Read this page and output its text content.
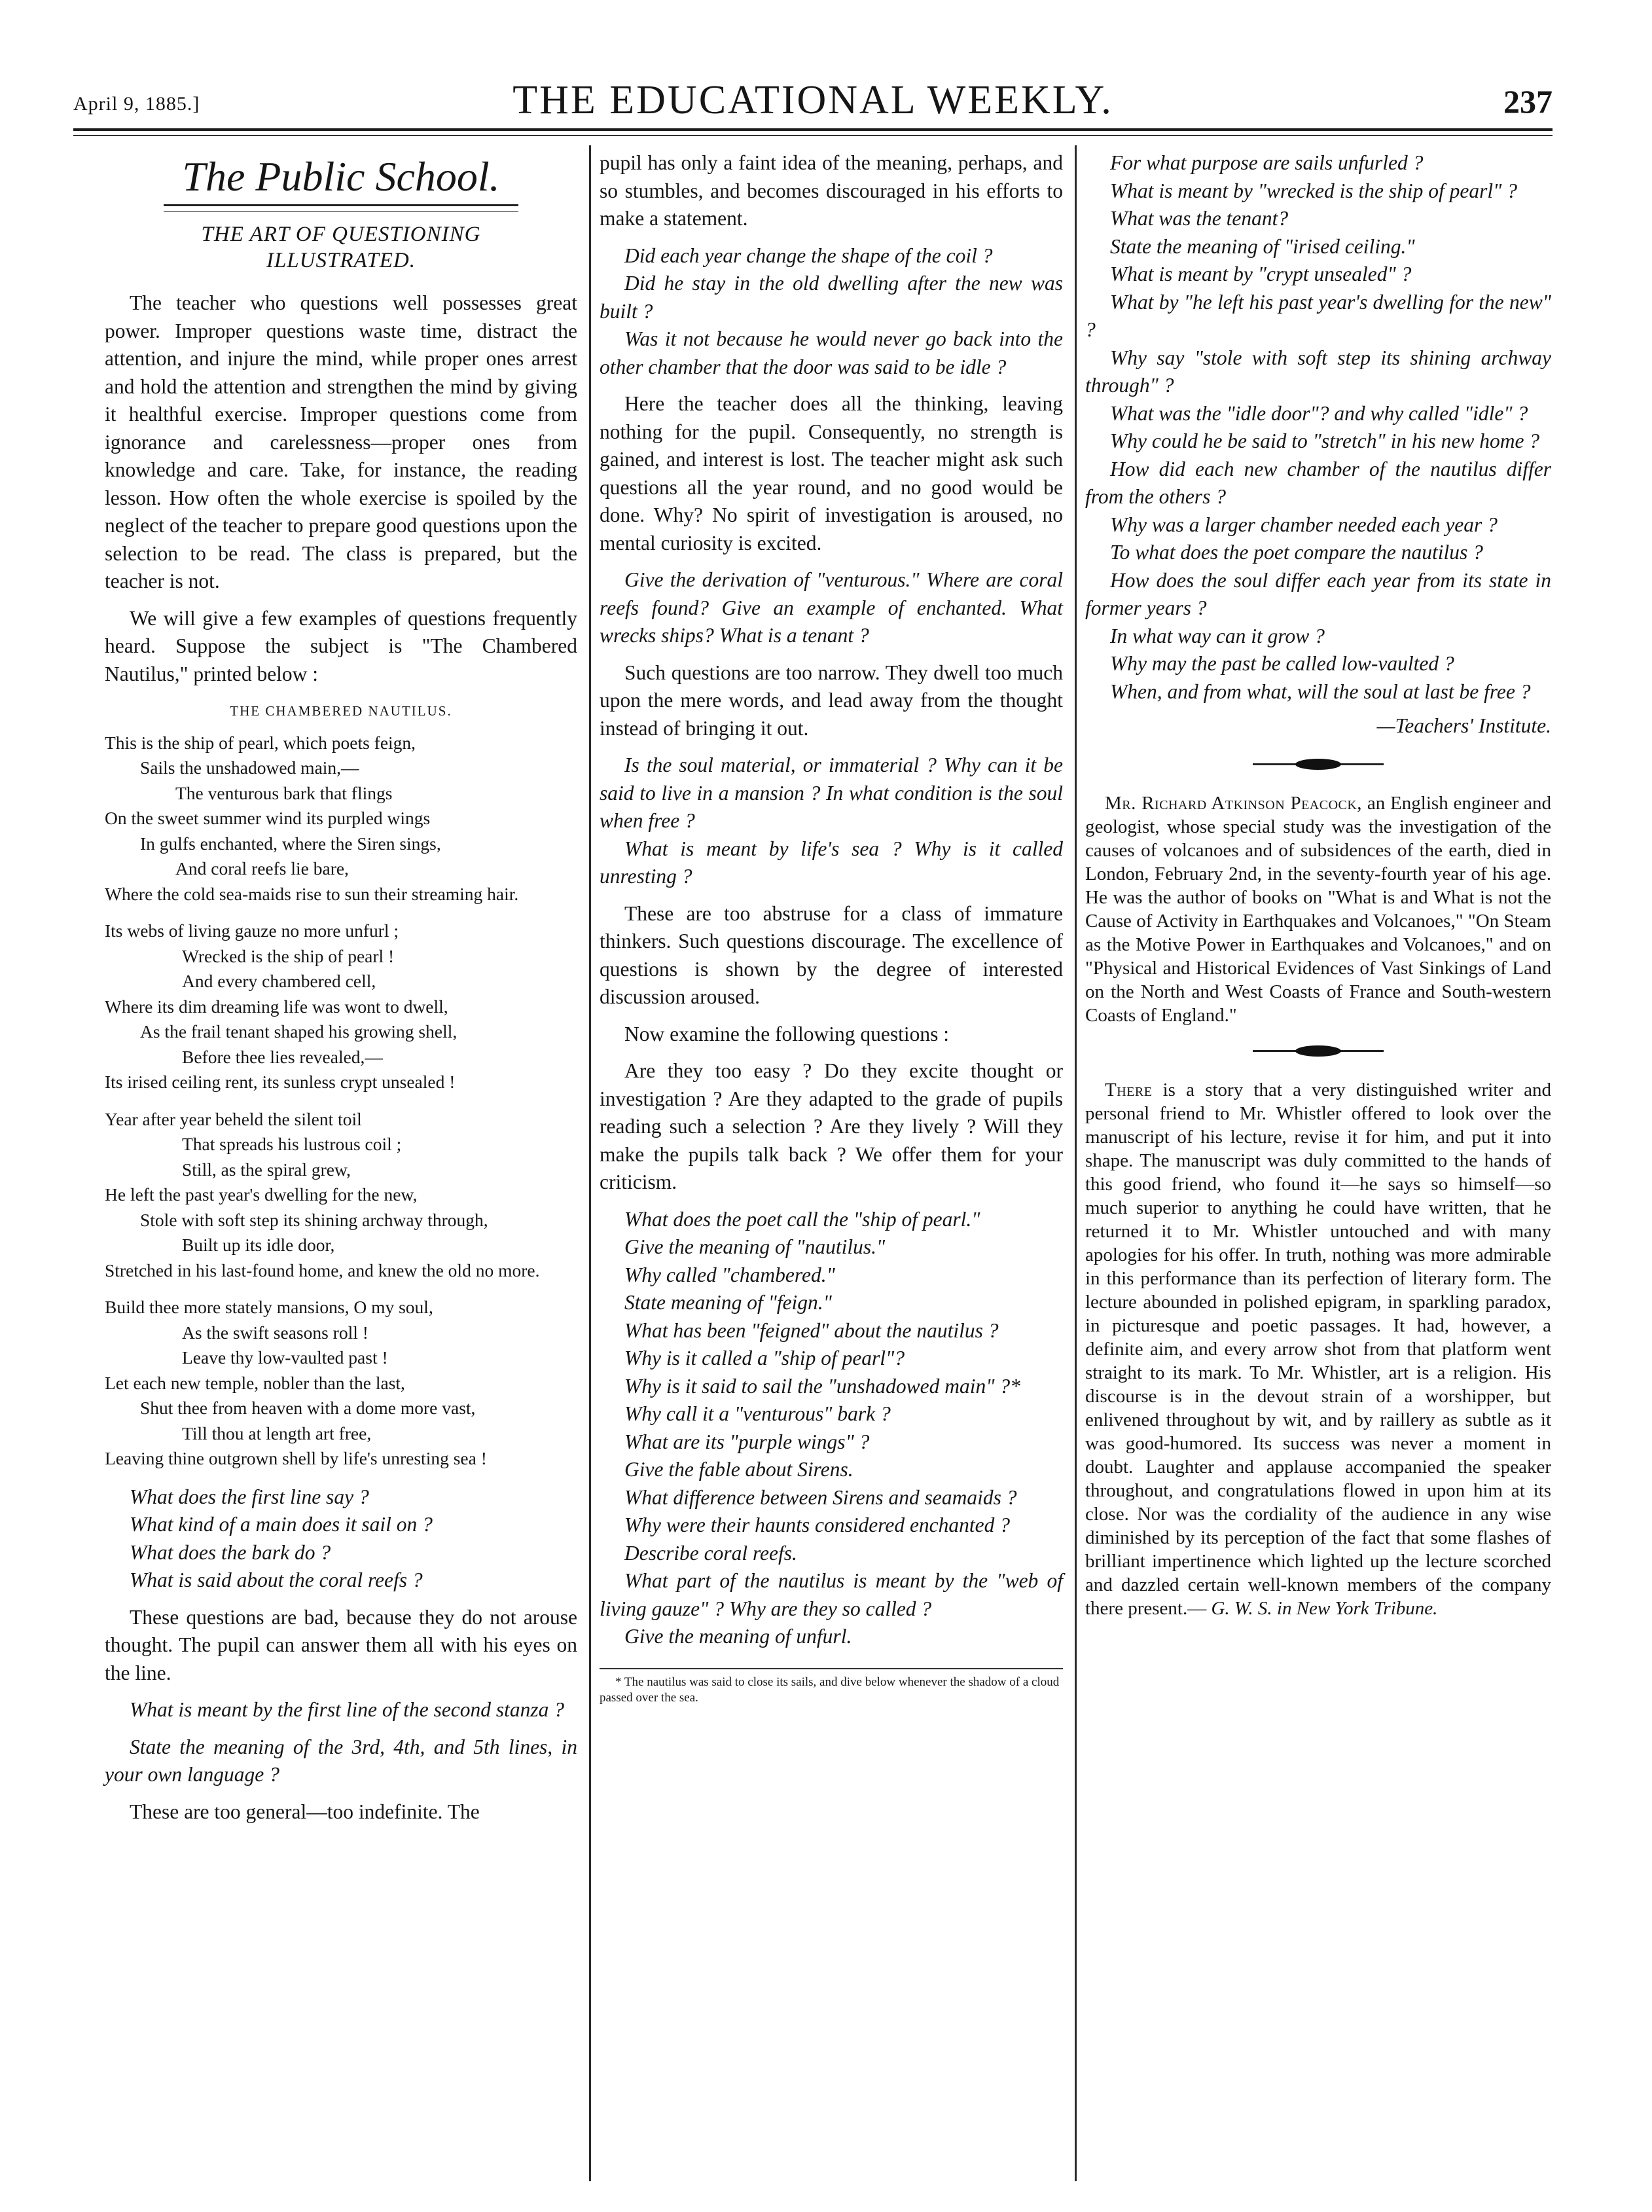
April 9, 1885.]	THE EDUCATIONAL WEEKLY.	237
The Public School.
THE ART OF QUESTIONING
ILLUSTRATED.

The teacher who questions well possesses great power. Improper questions waste time, distract the attention, and injure the mind, while proper ones arrest and hold the attention and strengthen the mind by giving it healthful exercise. Improper questions come from ignorance and carelessness—proper ones from knowledge and care. Take, for instance, the reading lesson. How often the whole exercise is spoiled by the neglect of the teacher to prepare good questions upon the selection to be read. The class is prepared, but the teacher is not.

We will give a few examples of questions frequently heard. Suppose the subject is "The Chambered Nautilus," printed below :

THE CHAMBERED NAUTILUS.
This is the ship of pearl, which poets feign,
Sails the unshadowed main,—
The venturous bark that flings
On the sweet summer wind its purpled wings
In gulfs enchanted, where the Siren sings,
And coral reefs lie bare,
Where the cold sea-maids rise to sun their streaming hair.
Its webs of living gauze no more unfurl ;
Wrecked is the ship of pearl !
And every chambered cell,
Where its dim dreaming life was wont to dwell,
As the frail tenant shaped his growing shell,
Before thee lies revealed,—
Its irised ceiling rent, its sunless crypt unsealed !
Year after year beheld the silent toil
That spreads his lustrous coil ;
Still, as the spiral grew,
He left the past year's dwelling for the new,
Stole with soft step its shining archway through,
Built up its idle door,
Stretched in his last-found home, and knew the old no more.
Build thee more stately mansions, O my soul,
As the swift seasons roll !
Leave thy low-vaulted past !
Let each new temple, nobler than the last,
Shut thee from heaven with a dome more vast,
Till thou at length art free,
Leaving thine outgrown shell by life's unresting sea !

What does the first line say ?

What kind of a main does it sail on ?

What does the bark do ?

What is said about the coral reefs ?

These questions are bad, because they do not arouse thought. The pupil can answer them all with his eyes on the line.

What is meant by the first line of the second stanza ?

State the meaning of the 3rd, 4th, and 5th lines, in your own language ?

These are too general—too indefinite. The

pupil has only a faint idea of the meaning, perhaps, and so stumbles, and becomes discouraged in his efforts to make a statement.

Did each year change the shape of the coil ?

Did he stay in the old dwelling after the new was built ?

Was it not because he would never go back into the other chamber that the door was said to be idle ?

Here the teacher does all the thinking, leaving nothing for the pupil. Consequently, no strength is gained, and interest is lost. The teacher might ask such questions all the year round, and no good would be done. Why? No spirit of investigation is aroused, no mental curiosity is excited.

Give the derivation of "venturous." Where are coral reefs found? Give an example of enchanted. What wrecks ships? What is a tenant ?

Such questions are too narrow. They dwell too much upon the mere words, and lead away from the thought instead of bringing it out.

Is the soul material, or immaterial ? Why can it be said to live in a mansion ? In what condition is the soul when free ?

What is meant by life's sea ? Why is it called unresting ?

These are too abstruse for a class of immature thinkers. Such questions discourage. The excellence of questions is shown by the degree of interested discussion aroused.

Now examine the following questions :

Are they too easy ? Do they excite thought or investigation ? Are they adapted to the grade of pupils reading such a selection ? Are they lively ? Will they make the pupils talk back ? We offer them for your criticism.

What does the poet call the "ship of pearl."

Give the meaning of "nautilus."

Why called "chambered."

State meaning of "feign."

What has been "feigned" about the nautilus ?

Why is it called a "ship of pearl"?

Why is it said to sail the "unshadowed main" ?*

Why call it a "venturous" bark ?

What are its "purple wings" ?

Give the fable about Sirens.

What difference between Sirens and seamaids ?

Why were their haunts considered enchanted ?

Describe coral reefs.

What part of the nautilus is meant by the "web of living gauze" ? Why are they so called ?

Give the meaning of unfurl.

* The nautilus was said to close its sails, and dive below whenever the shadow of a cloud passed over the sea.

For what purpose are sails unfurled ?

What is meant by "wrecked is the ship of pearl" ?

What was the tenant?

State the meaning of "irised ceiling."

What is meant by "crypt unsealed" ?

What by "he left his past year's dwelling for the new" ?

Why say "stole with soft step its shining archway through" ?

What was the "idle door"? and why called "idle" ?

Why could he be said to "stretch" in his new home ?

How did each new chamber of the nautilus differ from the others ?

Why was a larger chamber needed each year ?

To what does the poet compare the nautilus ?

How does the soul differ each year from its state in former years ?

In what way can it grow ?

Why may the past be called low-vaulted ?

When, and from what, will the soul at last be free ?

—Teachers' Institute.

Mr. Richard Atkinson Peacock, an English engineer and geologist, whose special study was the investigation of the causes of volcanoes and of subsidences of the earth, died in London, February 2nd, in the seventy-fourth year of his age. He was the author of books on "What is and What is not the Cause of Activity in Earthquakes and Volcanoes," "On Steam as the Motive Power in Earthquakes and Volcanoes," and on "Physical and Historical Evidences of Vast Sinkings of Land on the North and West Coasts of France and South-western Coasts of England."

There is a story that a very distinguished writer and personal friend to Mr. Whistler offered to look over the manuscript of his lecture, revise it for him, and put it into shape. The manuscript was duly committed to the hands of this good friend, who found it—he says so himself—so much superior to anything he could have written, that he returned it to Mr. Whistler untouched and with many apologies for his offer. In truth, nothing was more admirable in this performance than its perfection of literary form. The lecture abounded in polished epigram, in sparkling paradox, in picturesque and poetic passages. It had, however, a definite aim, and every arrow shot from that platform went straight to its mark. To Mr. Whistler, art is a religion. His discourse is in the devout strain of a worshipper, but enlivened throughout by wit, and by raillery as subtle as it was good-humored. Its success was never a moment in doubt. Laughter and applause accompanied the speaker throughout, and congratulations flowed in upon him at its close. Nor was the cordiality of the audience in any wise diminished by its perception of the fact that some flashes of brilliant impertinence which lighted up the lecture scorched and dazzled certain well-known members of the company there present.— G. W. S. in New York Tribune.
